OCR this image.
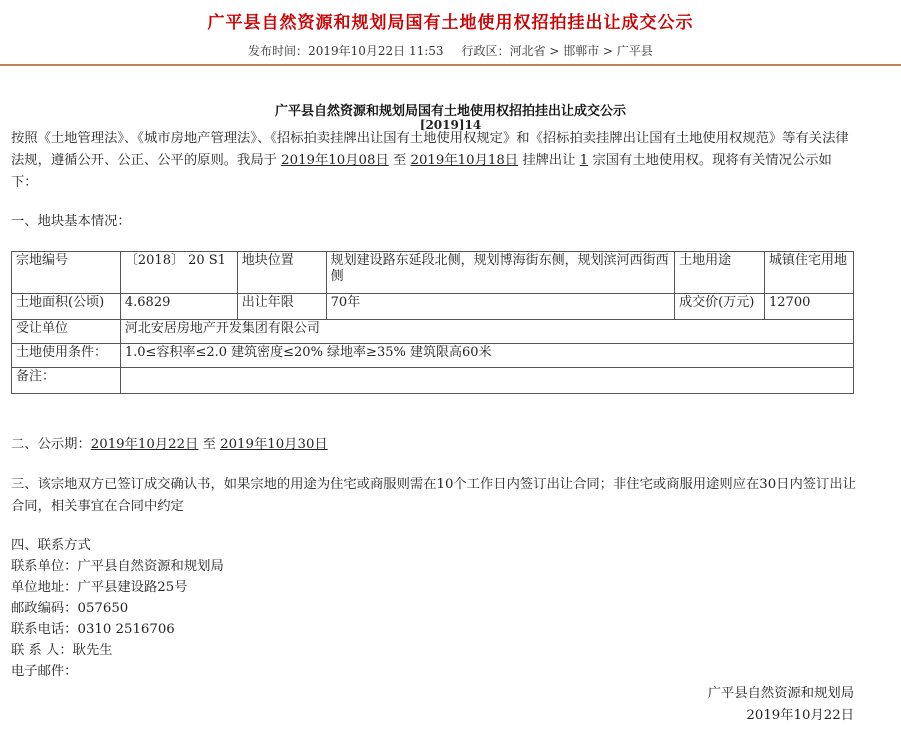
广平县自然资源和规划局国有土地使用权招拍挂出让成交公示
发布时间：2019年10月22日 11:53 行政区：河北省 > 邯郸市 > 广平县
广平县自然资源和规划局国有土地使用权招拍挂出让成交公示
[2019]14
按照《土地管理法》、《城市房地产管理法》、《招标拍卖挂牌出让国有土地使用权规定》和《招标拍卖挂牌出让国有土地使用权规范》等有关法律法规，遵循公开、公正、公平的原则。我局于 2019年10月08日 至 2019年10月18日 挂牌出让 1 宗国有土地使用权。现将有关情况公示如下：
一、地块基本情况：
宗地编号	〔2018〕 20 S1	地块位置	规划建设路东延段北侧，规划博海街东侧，规划滨河西街西侧	土地用途	城镇住宅用地
土地面积(公顷)	4.6829	出让年限	70年	成交价(万元)	12700
受让单位	河北安居房地产开发集团有限公司				
土地使用条件：	1.0≤容积率≤2.0 建筑密度≤20% 绿地率≥35% 建筑限高60米				
备注：					
二、公示期：2019年10月22日 至 2019年10月30日
三、该宗地双方已签订成交确认书，如果宗地的用途为住宅或商服则需在10个工作日内签订出让合同；非住宅或商服用途则应在30日内签订出让合同，相关事宜在合同中约定
四、联系方式
联系单位：广平县自然资源和规划局
单位地址：广平县建设路25号
邮政编码：057650
联系电话：0310 2516706
联 系 人：耿先生
电子邮件：
广平县自然资源和规划局
2019年10月22日
